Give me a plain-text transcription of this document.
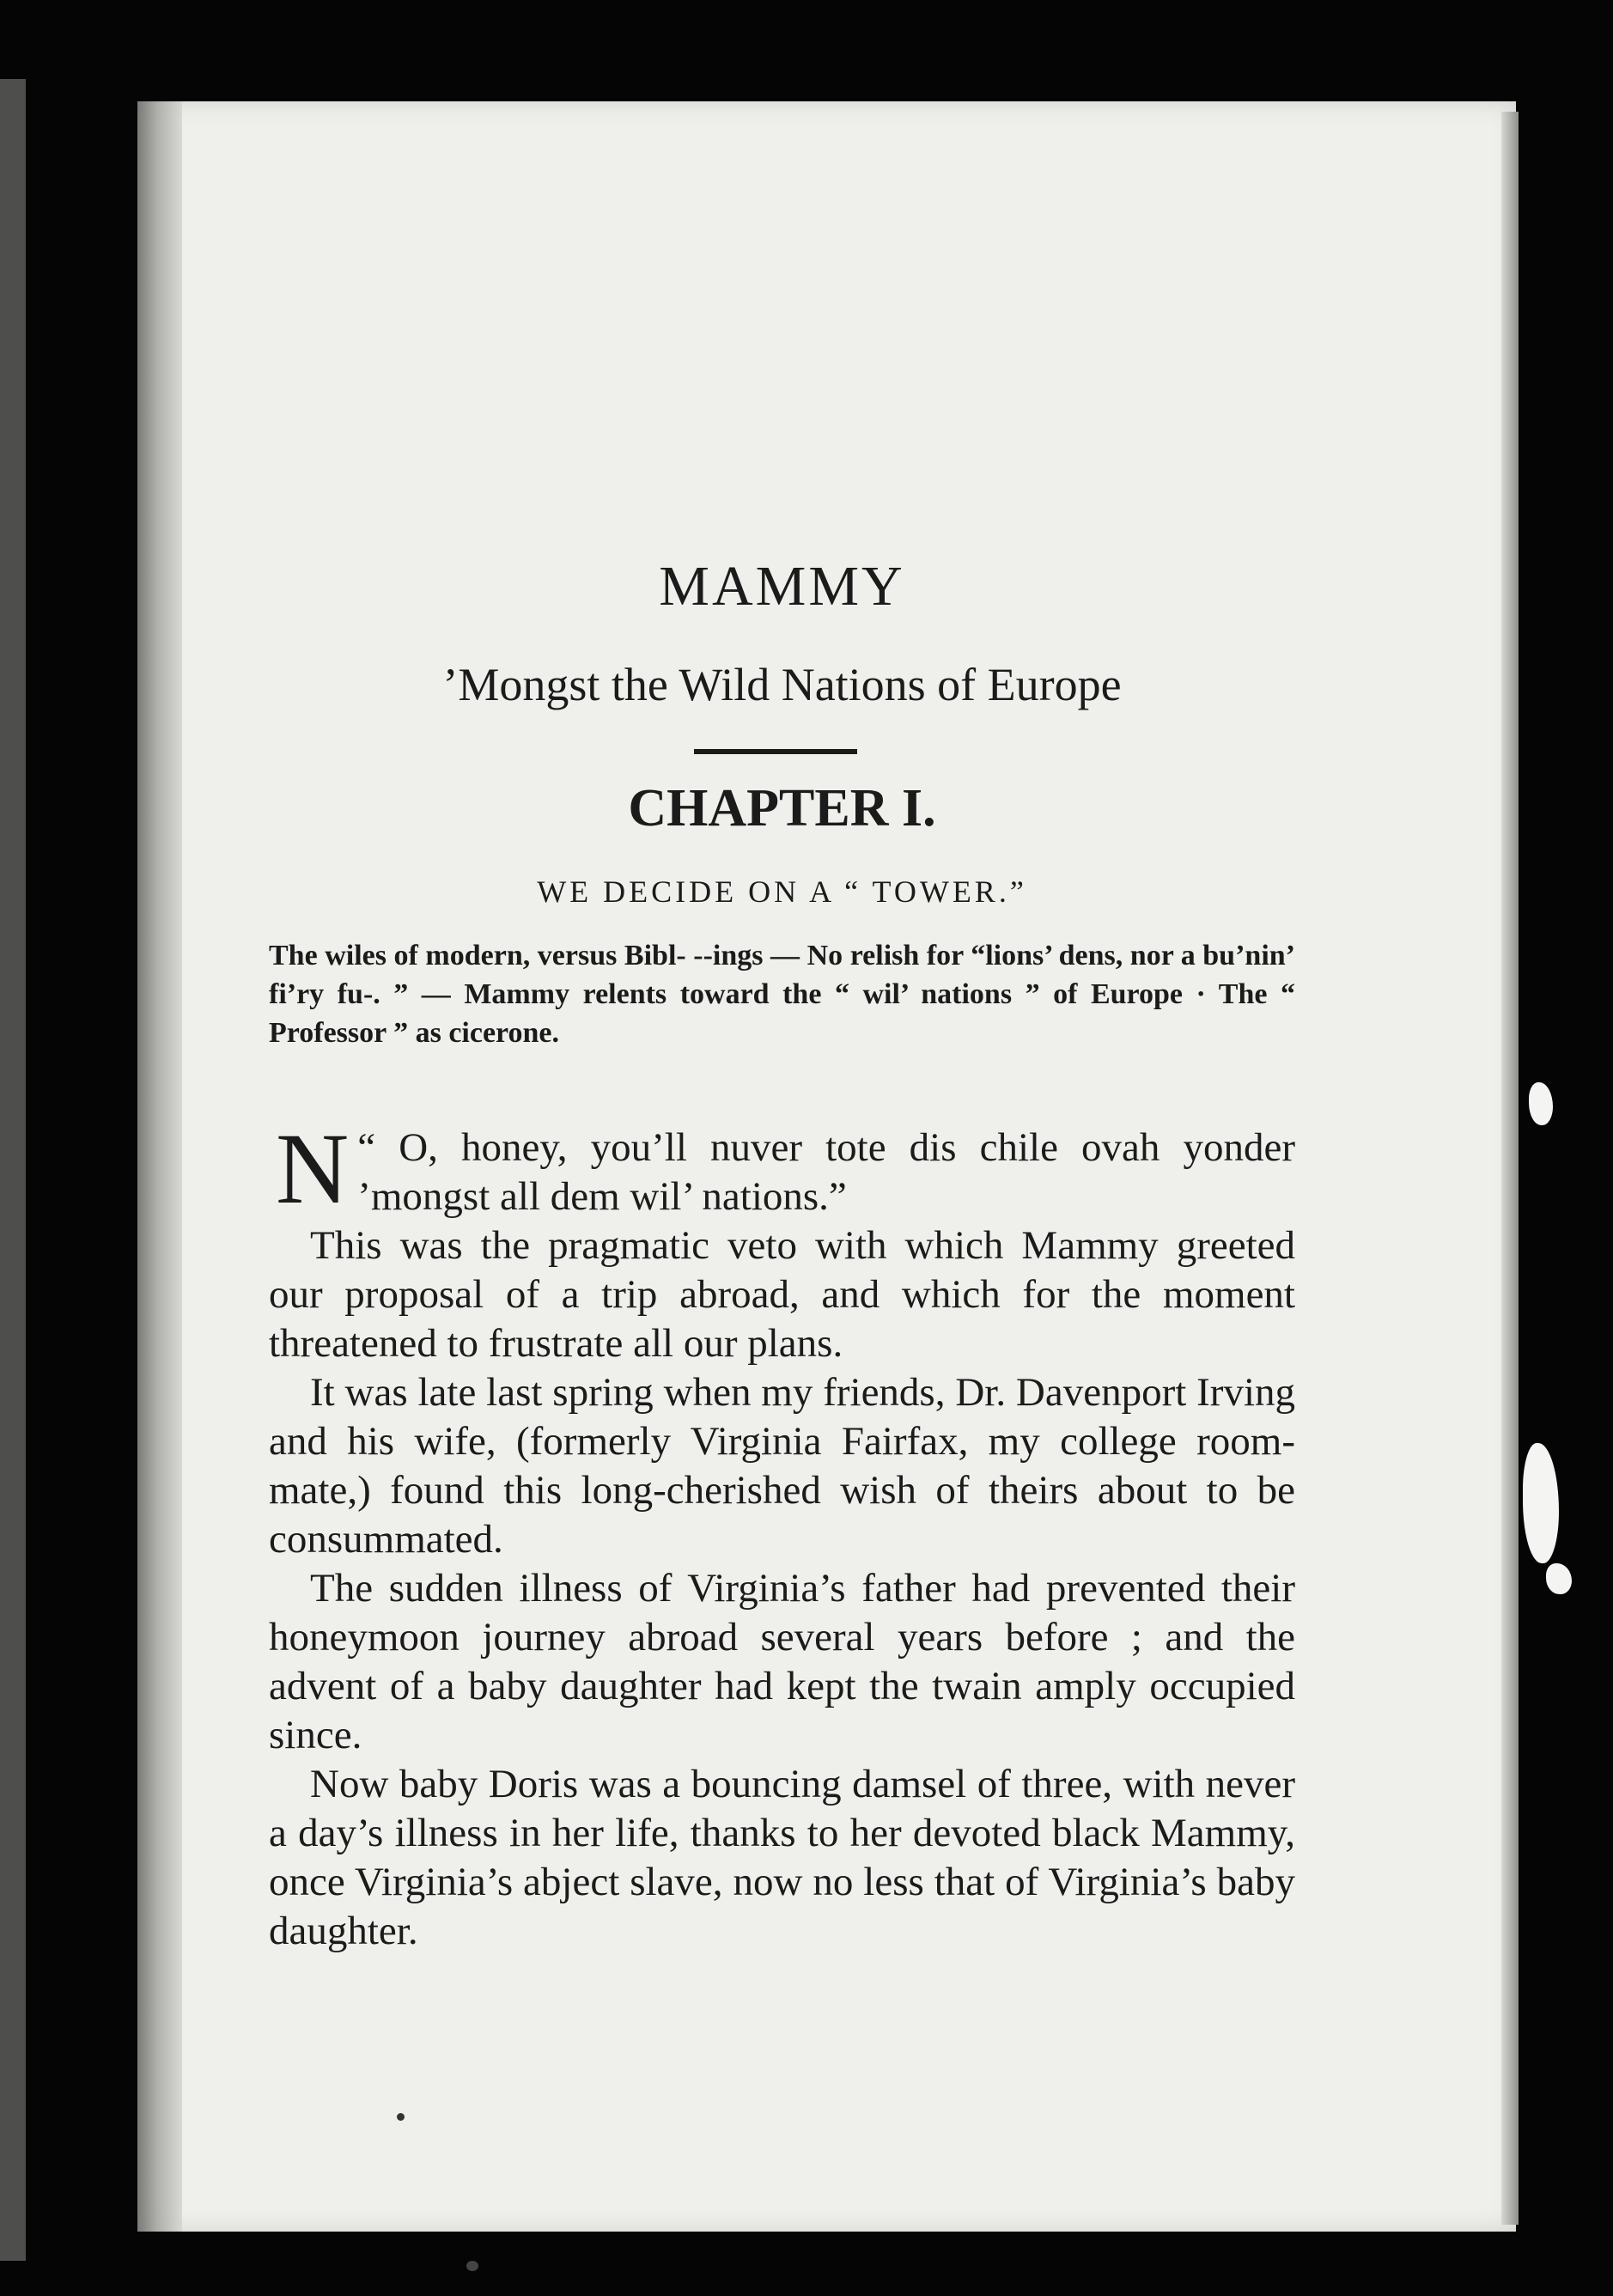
MAMMY
’Mongst the Wild Nations of Europe
CHAPTER I.
WE DECIDE ON A “ TOWER.”
The wiles of modern, versus Bibl‑ ‑‑ings — No relish for “lions’ dens, nor a bu’nin’ fi’ry fu‑. ” — Mammy relents toward the “ wil’ nations ” of Europe · The “ Professor ” as cicerone.

“
N O, honey, you’ll nuver tote dis chile ovah yonder ’mongst all dem wil’ nations.”

This was the pragmatic veto with which Mammy greeted our proposal of a trip abroad, and which for the moment threatened to frustrate all our plans.

It was late last spring when my friends, Dr. Davenport Irving and his wife, (formerly Virginia Fairfax, my college room-mate,) found this long-cherished wish of theirs about to be consummated.

The sudden illness of Virginia’s father had prevented their honeymoon journey abroad several years before ; and the advent of a baby daughter had kept the twain amply occupied since.

Now baby Doris was a bouncing damsel of three, with never a day’s illness in her life, thanks to her devoted black Mammy, once Virginia’s abject slave, now no less that of Virginia’s baby daughter.
